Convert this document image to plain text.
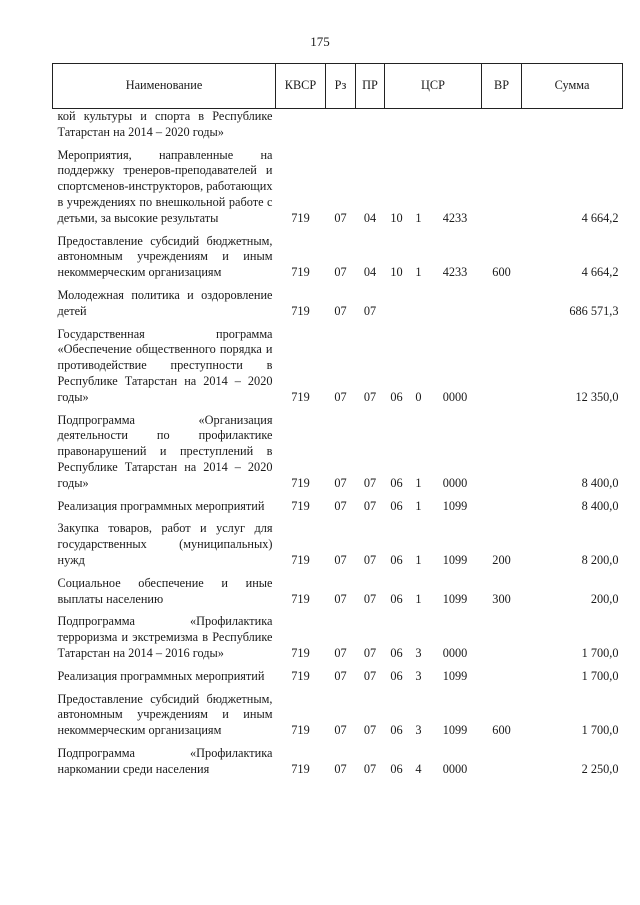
175
Наименование	КВСР	Рз	ПР	ЦСР			ВР	Сумма
кой культуры и спорта в Республике Татарстан на 2014 – 2020 годы»								

Мероприятия, направленные на поддержку тренеров-преподавателей и спортсменов-инструкторов, работающих в учреждениях по внешкольной работе с детьми, за высокие результаты	719	07	04	10	1	4233		4 664,2

Предоставление субсидий бюджетным, автономным учреждениям и иным некоммерческим организациям	719	07	04	10	1	4233	600	4 664,2

Молодежная политика и оздоровление детей	719	07	07					686 571,3

Государственная программа «Обеспечение общественного порядка и противодействие преступности в Республике Татарстан на 2014 – 2020 годы»	719	07	07	06	0	0000		12 350,0

Подпрограмма «Организация деятельности по профилактике правонарушений и преступлений в Республике Татарстан на 2014 – 2020 годы»	719	07	07	06	1	0000		8 400,0

Реализация программных мероприятий	719	07	07	06	1	1099		8 400,0

Закупка товаров, работ и услуг для государственных (муниципальных) нужд	719	07	07	06	1	1099	200	8 200,0

Социальное обеспечение и иные выплаты населению	719	07	07	06	1	1099	300	200,0

Подпрограмма «Профилактика терроризма и экстремизма в Республике Татарстан на 2014 – 2016 годы»	719	07	07	06	3	0000		1 700,0

Реализация программных мероприятий	719	07	07	06	3	1099		1 700,0

Предоставление субсидий бюджетным, автономным учреждениям и иным некоммерческим организациям	719	07	07	06	3	1099	600	1 700,0

Подпрограмма «Профилактика наркомании среди населения	719	07	07	06	4	0000		2 250,0
